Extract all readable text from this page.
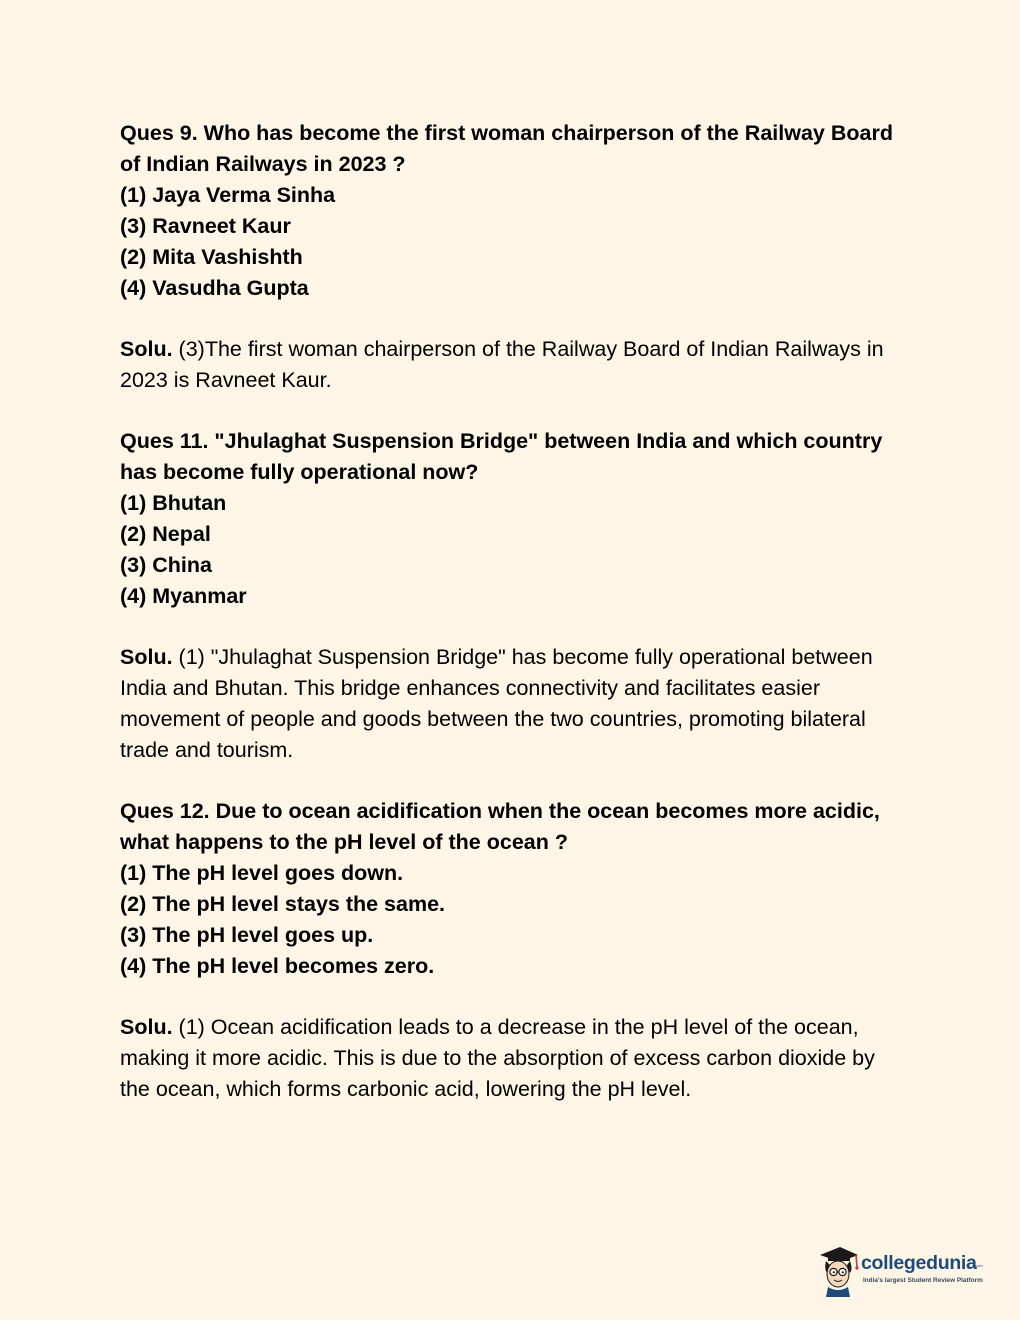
Ques 9. Who has become the first woman chairperson of the Railway Board of Indian Railways in 2023 ?

(1) Jaya Verma Sinha

(3) Ravneet Kaur

(2) Mita Vashishth

(4) Vasudha Gupta

Solu. (3)The first woman chairperson of the Railway Board of Indian Railways in 2023 is Ravneet Kaur.

Ques 11. "Jhulaghat Suspension Bridge" between India and which country has become fully operational now?

(1) Bhutan

(2) Nepal

(3) China

(4) Myanmar

Solu. (1) "Jhulaghat Suspension Bridge" has become fully operational between India and Bhutan. This bridge enhances connectivity and facilitates easier movement of people and goods between the two countries, promoting bilateral trade and tourism.

Ques 12. Due to ocean acidification when the ocean becomes more acidic, what happens to the pH level of the ocean ?

(1) The pH level goes down.

(2) The pH level stays the same.

(3) The pH level goes up.

(4) The pH level becomes zero.

Solu. (1) Ocean acidification leads to a decrease in the pH level of the ocean, making it more acidic. This is due to the absorption of excess carbon dioxide by the ocean, which forms carbonic acid, lowering the pH level.

collegedunia
.com
India's largest Student Review Platform
